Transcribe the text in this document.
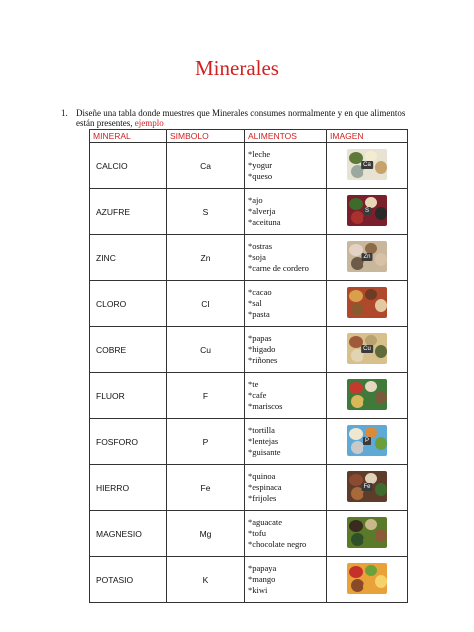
Minerales
1. Diseñe una tabla donde muestres que Minerales consumes normalmente y en que alimentos están presentes, ejemplo
MINERAL	SIMBOLO	ALIMENTOS	IMAGEN
CALCIO	Ca	*leche
*yogur
*queso	Ca

AZUFRE	S	*ajo
*alverja
*aceituna	S

ZINC	Zn	*ostras
*soja
*carne de cordero	Zn

CLORO	CI	*cacao
*sal
*pasta	

COBRE	Cu	*papas
*higado
*riñones	Cu

FLUOR	F	*te
*cafe
*mariscos	

FOSFORO	P	*tortilla
*lentejas
*guisante	P

HIERRO	Fe	*quinoa
*espinaca
*frijoles	Fe

MAGNESIO	Mg	*aguacate
*tofu
*chocolate negro	

POTASIO	K	*papaya
*mango
*kiwi	
